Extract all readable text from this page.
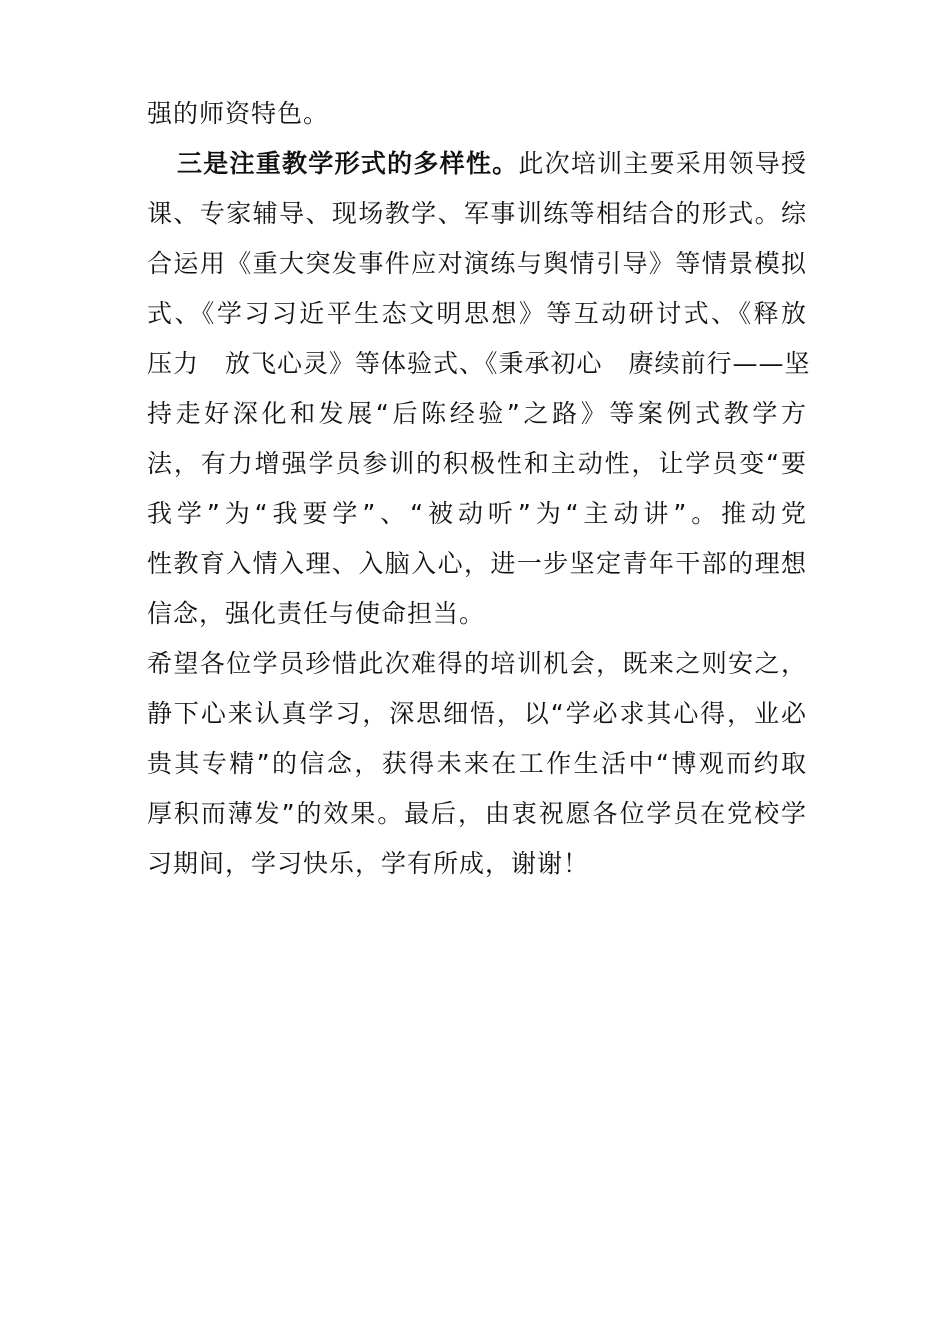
强的师资特色。
三是注重教学形式的多样性。此次培训主要采用领导授
课、专家辅导、现场教学、军事训练等相结合的形式。综
合运用《重大突发事件应对演练与舆情引导》等情景模拟
式、《学习习近平生态文明思想》等互动研讨式、《释放
压力　放飞心灵》等体验式、《秉承初心　赓续前行——坚
持走好深化和发展“后陈经验”之路》等案例式教学方
法，有力增强学员参训的积极性和主动性，让学员变“要
我学”为“我要学”、“被动听”为“主动讲”。推动党
性教育入情入理、入脑入心，进一步坚定青年干部的理想
信念，强化责任与使命担当。
希望各位学员珍惜此次难得的培训机会，既来之则安之，
静下心来认真学习，深思细悟，以“学必求其心得，业必
贵其专精”的信念，获得未来在工作生活中“博观而约取
厚积而薄发”的效果。最后，由衷祝愿各位学员在党校学
习期间，学习快乐，学有所成，谢谢！
